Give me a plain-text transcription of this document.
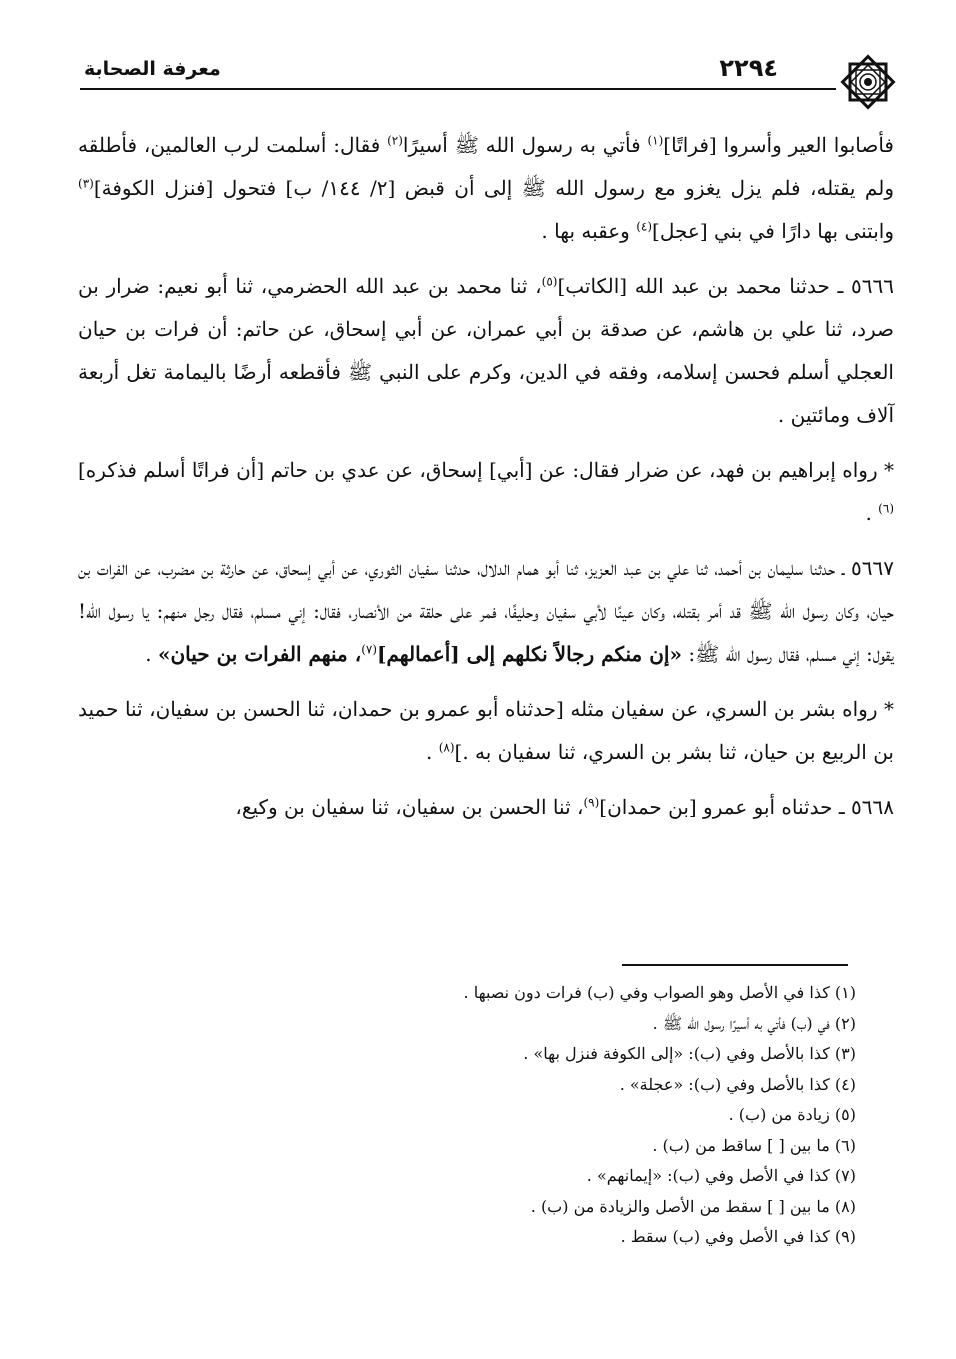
معرفة الصحابة	٢٢٩٤

فأصابوا العير وأسروا [فراتًا]$^{(١)}$ فأتي به رسول الله ﷺ أسيرًا$^{(٢)}$ فقال: أسلمت لرب العالمين، فأطلقه ولم يقتله، فلم يزل يغزو مع رسول الله ﷺ إلى أن قبض [٢/ ١٤٤/ ب] فتحول [فنزل الكوفة]$^{(٣)}$ وابتنى بها دارًا في بني [عجل]$^{(٤)}$ وعقبه بها .

٥٦٦٦ ـ حدثنا محمد بن عبد الله [الكاتب]$^{(٥)}$، ثنا محمد بن عبد الله الحضرمي، ثنا أبو نعيم: ضرار بن صرد، ثنا علي بن هاشم، عن صدقة بن أبي عمران، عن أبي إسحاق، عن حاتم: أن فرات بن حيان العجلي أسلم فحسن إسلامه، وفقه في الدين، وكرم على النبي ﷺ فأقطعه أرضًا باليمامة تغل أربعة آلاف ومائتين .

* رواه إبراهيم بن فهد، عن ضرار فقال: عن [أبي] إسحاق، عن عدي بن حاتم [أن فراتًا أسلم فذكره]$^{(٦)}$ .

٥٦٦٧ ـ حدثنا سليمان بن أحمد، ثنا علي بن عبد العزيز، ثنا أبو همام الدلال، حدثنا سفيان الثوري، عن أبي إسحاق، عن حارثة بن مضرب، عن الفرات بن حيان، وكان رسول الله ﷺ قد أمر بقتله، وكان عينًا لأبي سفيان وحليفًا، فمر على حلقة من الأنصار، فقال: إني مسلم، فقال رجل منهم: يا رسول الله! يقول: إني مسلم، فقال رسول الله ﷺ: «إن منكم رجالاً نكلهم إلى [أعمالهم]$^{(٧)}$، منهم الفرات بن حيان» .

* رواه بشر بن السري، عن سفيان مثله [حدثناه أبو عمرو بن حمدان، ثنا الحسن بن سفيان، ثنا حميد بن الربيع بن حيان، ثنا بشر بن السري، ثنا سفيان به .]$^{(٨)}$ .

٥٦٦٨ ـ حدثناه أبو عمرو [بن حمدان]$^{(٩)}$، ثنا الحسن بن سفيان، ثنا سفيان بن وكيع،

(١) كذا في الأصل وهو الصواب وفي (ب) فرات دون نصبها .

(٢) في (ب) فأتي به أسيرًا رسول الله ﷺ .

(٣) كذا بالأصل وفي (ب): «إلى الكوفة فنزل بها» .

(٤) كذا بالأصل وفي (ب): «عجلة» .

(٥) زيادة من (ب) .

(٦) ما بين [ ] ساقط من (ب) .

(٧) كذا في الأصل وفي (ب): «إيمانهم» .

(٨) ما بين [ ] سقط من الأصل والزيادة من (ب) .

(٩) كذا في الأصل وفي (ب) سقط .
